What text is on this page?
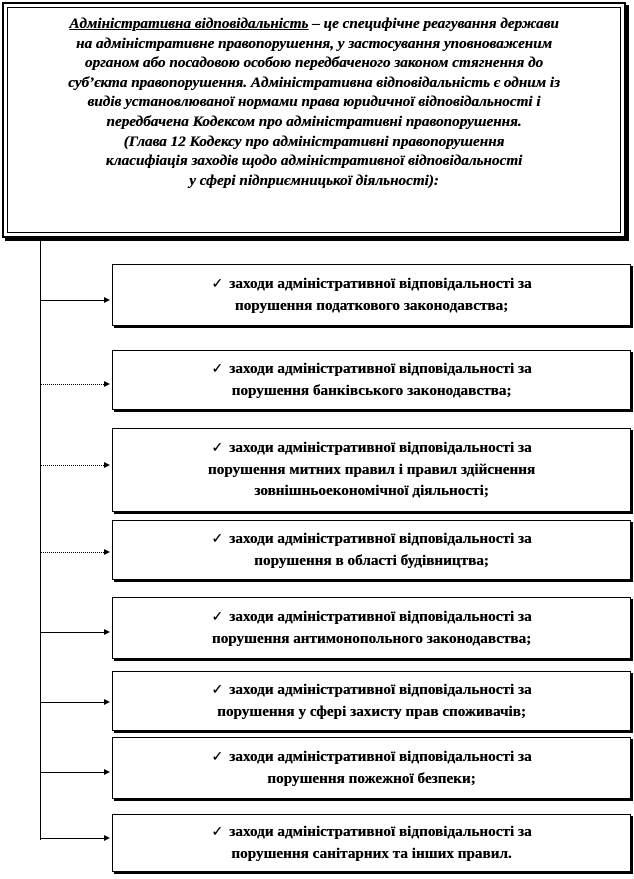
Адміністративна відповідальність – це специфічне реагування держави
на адміністративне правопорушення, у застосування уповноваженим
органом або посадовою особою передбаченого законом стягнення до
суб’єкта правопорушення. Адміністративна відповідальність є одним із
видів установлюваної нормами права юридичної відповідальності і
передбачена Кодексом про адміністративні правопорушення.
(Глава 12 Кодексу про адміністративні правопорушення
класифіація заходів щодо адміністративної відповідальності
у сфері підприємницької діяльності):
✓ заходи адміністративної відповідальності за
порушення податкового законодавства;
✓ заходи адміністративної відповідальності за
порушення банківського законодавства;
✓ заходи адміністративної відповідальності за
порушення митних правил і правил здійснення
зовнішньоекономічної діяльності;
✓ заходи адміністративної відповідальності за
порушення в області будівництва;
✓ заходи адміністративної відповідальності за
порушення антимонопольного законодавства;
✓ заходи адміністративної відповідальності за
порушення у сфері захисту прав споживачів;
✓ заходи адміністративної відповідальності за
порушення пожежної безпеки;
✓ заходи адміністративної відповідальності за
порушення санітарних та інших правил.
